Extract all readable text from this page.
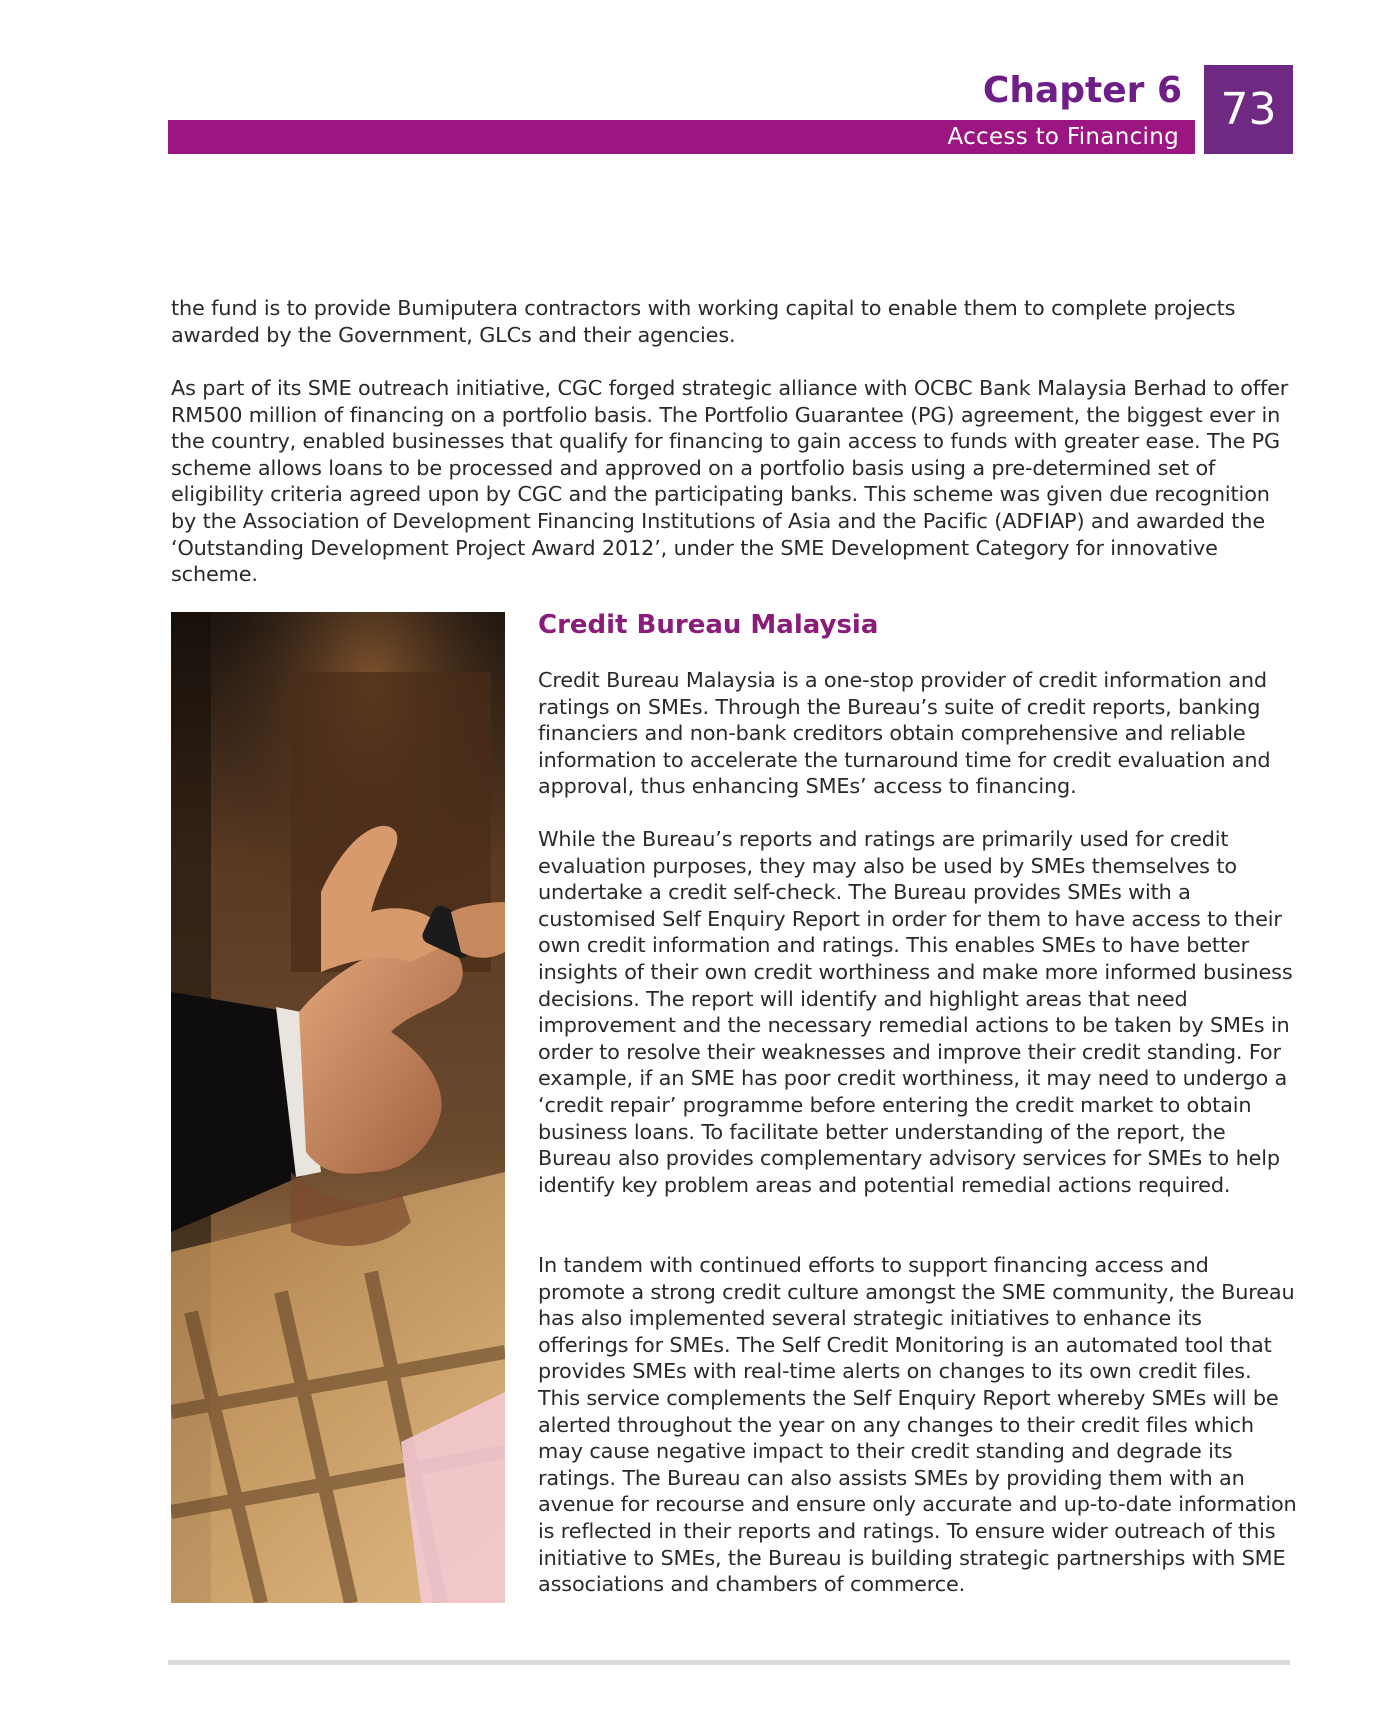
Chapter 6
Access to Financing
73

the fund is to provide Bumiputera contractors with working capital to enable them to complete projects awarded by the Government, GLCs and their agencies.

As part of its SME outreach initiative, CGC forged strategic alliance with OCBC Bank Malaysia Berhad to offer RM500 million of financing on a portfolio basis. The Portfolio Guarantee (PG) agreement, the biggest ever in the country, enabled businesses that qualify for financing to gain access to funds with greater ease. The PG scheme allows loans to be processed and approved on a portfolio basis using a pre-determined set of eligibility criteria agreed upon by CGC and the participating banks. This scheme was given due recognition by the Association of Development Financing Institutions of Asia and the Pacific (ADFIAP) and awarded the ‘Outstanding Development Project Award 2012’, under the SME Development Category for innovative scheme.

Credit Bureau Malaysia

Credit Bureau Malaysia is a one-stop provider of credit information and ratings on SMEs. Through the Bureau’s suite of credit reports, banking financiers and non-bank creditors obtain comprehensive and reliable information to accelerate the turnaround time for credit evaluation and approval, thus enhancing SMEs’ access to financing.

While the Bureau’s reports and ratings are primarily used for credit evaluation purposes, they may also be used by SMEs themselves to undertake a credit self-check. The Bureau provides SMEs with a customised Self Enquiry Report in order for them to have access to their own credit information and ratings. This enables SMEs to have better insights of their own credit worthiness and make more informed business decisions. The report will identify and highlight areas that need improvement and the necessary remedial actions to be taken by SMEs in order to resolve their weaknesses and improve their credit standing. For example, if an SME has poor credit worthiness, it may need to undergo a ‘credit repair’ programme before entering the credit market to obtain business loans. To facilitate better understanding of the report, the Bureau also provides complementary advisory services for SMEs to help identify key problem areas and potential remedial actions required.

In tandem with continued efforts to support financing access and promote a strong credit culture amongst the SME community, the Bureau has also implemented several strategic initiatives to enhance its offerings for SMEs. The Self Credit Monitoring is an automated tool that provides SMEs with real-time alerts on changes to its own credit files. This service complements the Self Enquiry Report whereby SMEs will be alerted throughout the year on any changes to their credit files which may cause negative impact to their credit standing and degrade its ratings. The Bureau can also assists SMEs by providing them with an avenue for recourse and ensure only accurate and up-to-date information is reflected in their reports and ratings. To ensure wider outreach of this initiative to SMEs, the Bureau is building strategic partnerships with SME associations and chambers of commerce.
